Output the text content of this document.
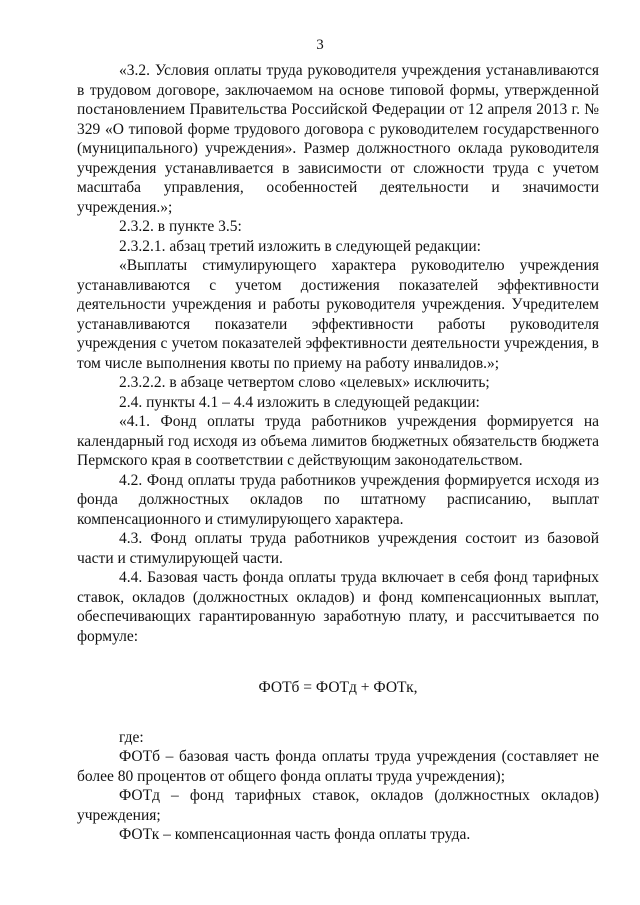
3

«3.2. Условия оплаты труда руководителя учреждения устанавливаются в трудовом договоре, заключаемом на основе типовой формы, утвержденной постановлением Правительства Российской Федерации от 12 апреля 2013 г. № 329 «О типовой форме трудового договора с руководителем государственного (муниципального) учреждения». Размер должностного оклада руководителя учреждения устанавливается в зависимости от сложности труда с учетом масштаба управления, особенностей деятельности и значимости учреждения.»;

2.3.2. в пункте 3.5:

2.3.2.1. абзац третий изложить в следующей редакции:

«Выплаты стимулирующего характера руководителю учреждения устанавливаются с учетом достижения показателей эффективности деятельности учреждения и работы руководителя учреждения. Учредителем устанавливаются показатели эффективности работы руководителя учреждения с учетом показателей эффективности деятельности учреждения, в том числе выполнения квоты по приему на работу инвалидов.»;

2.3.2.2. в абзаце четвертом слово «целевых» исключить;

2.4. пункты 4.1 – 4.4 изложить в следующей редакции:

«4.1. Фонд оплаты труда работников учреждения формируется на календарный год исходя из объема лимитов бюджетных обязательств бюджета Пермского края в соответствии с действующим законодательством.

4.2. Фонд оплаты труда работников учреждения формируется исходя из фонда должностных окладов по штатному расписанию, выплат компенсационного и стимулирующего характера.

4.3. Фонд оплаты труда работников учреждения состоит из базовой части и стимулирующей части.

4.4. Базовая часть фонда оплаты труда включает в себя фонд тарифных ставок, окладов (должностных окладов) и фонд компенсационных выплат, обеспечивающих гарантированную заработную плату, и рассчитывается по формуле:

ФОТб = ФОТд + ФОТк,

где:

ФОТб – базовая часть фонда оплаты труда учреждения (составляет не более 80 процентов от общего фонда оплаты труда учреждения);

ФОТд – фонд тарифных ставок, окладов (должностных окладов) учреждения;

ФОТк – компенсационная часть фонда оплаты труда.
